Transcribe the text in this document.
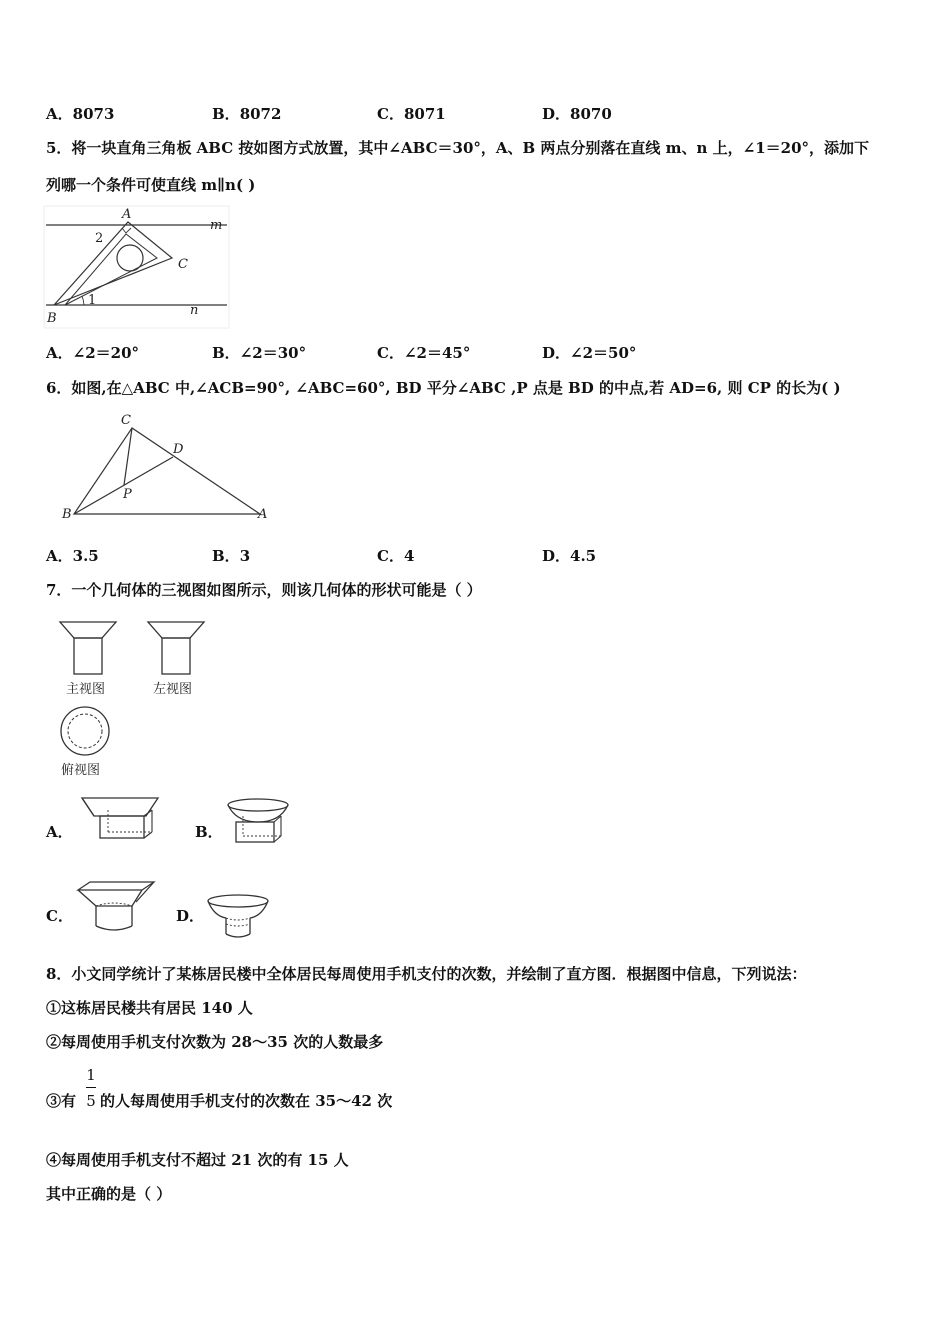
A．8073	B．8072	C．8071	D．8070
5．将一块直角三角板 ABC 按如图方式放置，其中∠ABC＝30°，A、B 两点分别落在直线 m、n 上，∠1＝20°，添加下
列哪一个条件可使直线 m∥n( )
A
B
C
m
n
1
2
A．∠2＝20°	B．∠2＝30°	C．∠2＝45°	D．∠2＝50°
6．如图,在△ABC 中,∠ACB=90°, ∠ABC=60°, BD 平分∠ABC ,P 点是 BD 的中点,若 AD=6, 则 CP 的长为( )
C
D
P
B	A
A．3.5	B．3	C．4	D．4.5
7．一个几何体的三视图如图所示，则该几何体的形状可能是（ ）
主视图	左视图
俯视图
A．	B．
C．	D．
8．小文同学统计了某栋居民楼中全体居民每周使用手机支付的次数，并绘制了直方图．根据图中信息，下列说法：
①这栋居民楼共有居民 140 人
②每周使用手机支付次数为 28～35 次的人数最多
③有
1
5 的人每周使用手机支付的次数在 35～42 次
④每周使用手机支付不超过 21 次的有 15 人
其中正确的是（ ）
